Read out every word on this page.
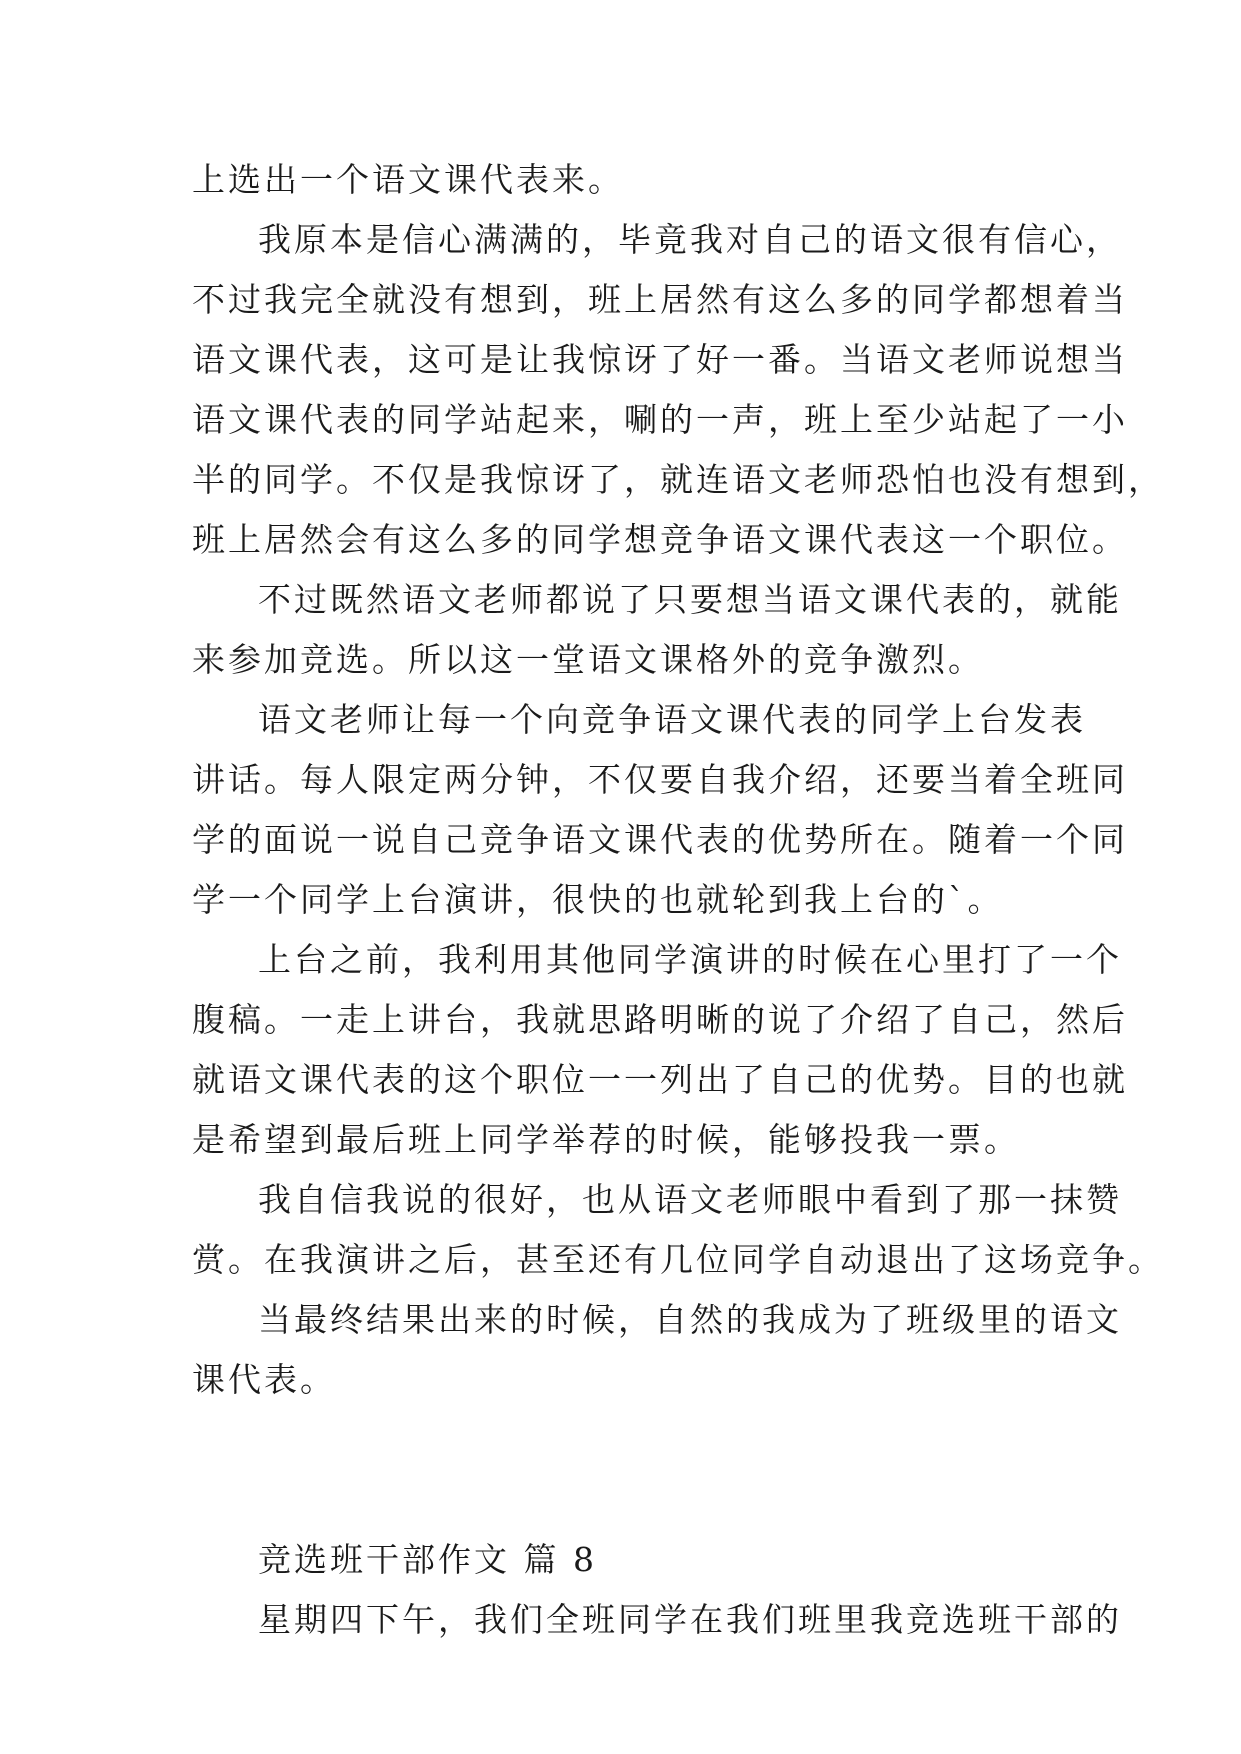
上选出一个语文课代表来。
我原本是信心满满的，毕竟我对自己的语文很有信心，
不过我完全就没有想到，班上居然有这么多的同学都想着当
语文课代表，这可是让我惊讶了好一番。当语文老师说想当
语文课代表的同学站起来，唰的一声，班上至少站起了一小
半的同学。不仅是我惊讶了，就连语文老师恐怕也没有想到，
班上居然会有这么多的同学想竞争语文课代表这一个职位。
不过既然语文老师都说了只要想当语文课代表的，就能
来参加竞选。所以这一堂语文课格外的竞争激烈。
语文老师让每一个向竞争语文课代表的同学上台发表
讲话。每人限定两分钟，不仅要自我介绍，还要当着全班同
学的面说一说自己竞争语文课代表的优势所在。随着一个同
学一个同学上台演讲，很快的也就轮到我上台的`。
上台之前，我利用其他同学演讲的时候在心里打了一个
腹稿。一走上讲台，我就思路明晰的说了介绍了自己，然后
就语文课代表的这个职位一一列出了自己的优势。目的也就
是希望到最后班上同学举荐的时候，能够投我一票。
我自信我说的很好，也从语文老师眼中看到了那一抹赞
赏。在我演讲之后，甚至还有几位同学自动退出了这场竞争。
当最终结果出来的时候，自然的我成为了班级里的语文
课代表。
竞选班干部作文 篇 8
星期四下午，我们全班同学在我们班里我竞选班干部的
